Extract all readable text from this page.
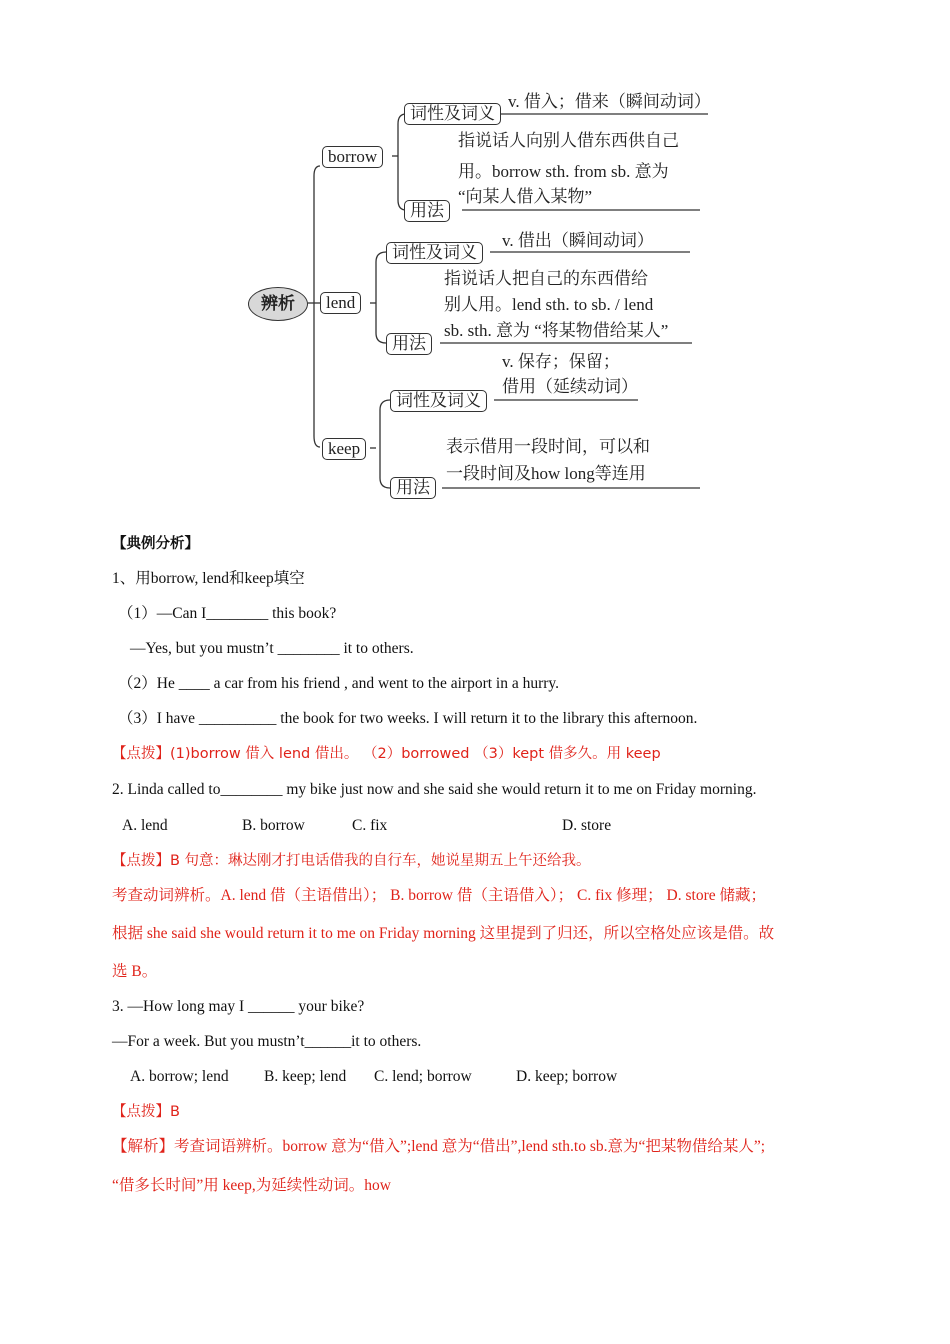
辨析
borrow
词性及词义
v. 借入；借来（瞬间动词）
指说话人向别人借东西供自己
用。borrow sth. from sb. 意为
“向某人借入某物”
用法
lend
词性及词义
v. 借出（瞬间动词）
指说话人把自己的东西借给
别人用。lend sth. to sb. / lend
sb. sth. 意为 “将某物借给某人”
用法
keep
词性及词义
v. 保存；保留；
借用（延续动词）
表示借用一段时间，可以和
一段时间及how long等连用
用法
【典例分析】
1、用borrow, lend和keep填空
（1）—Can I________ this book?
—Yes, but you mustn’t ________ it to others.
（2）He ____ a car from his friend , and went to the airport in a hurry.
（3）I have __________ the book for two weeks. I will return it to the library this afternoon.
【点拨】(1)borrow 借入 lend 借出。 （2）borrowed （3）kept 借多久。用 keep
2. Linda called to________ my bike just now and she said she would return it to me on Friday morning.
A. lend	B. borrow	C. fix	D. store
【点拨】B 句意：琳达刚才打电话借我的自行车，她说星期五上午还给我。
考查动词辨析。A. lend 借（主语借出）； B. borrow 借（主语借入）； C. fix 修理； D. store 储藏；
根据 she said she would return it to me on Friday morning 这里提到了归还，所以空格处应该是借。故
选 B。
3. —How long may I ______ your bike?
—For a week. But you mustn’t______it to others.
A. borrow; lend B. keep; lend C. lend; borrow	D. keep; borrow
【点拨】B
【解析】考查词语辨析。borrow 意为“借入”;lend 意为“借出”,lend sth.to sb.意为“把某物借给某人”;
“借多长时间”用 keep,为延续性动词。how
